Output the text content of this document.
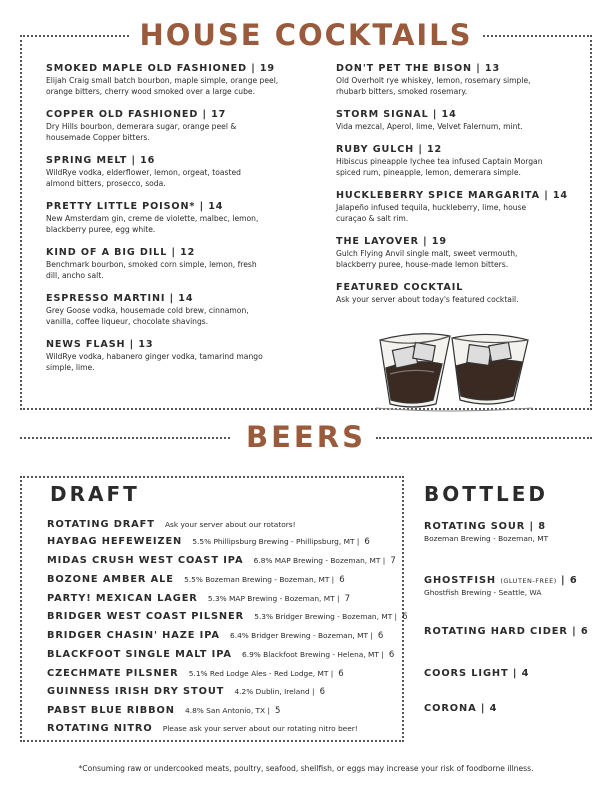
HOUSE COCKTAILS
SMOKED MAPLE OLD FASHIONED | 19
Elijah Craig small batch bourbon, maple simple, orange peel,
orange bitters, cherry wood smoked over a large cube.
COPPER OLD FASHIONED | 17
Dry Hills bourbon, demerara sugar, orange peel &
housemade Copper bitters.
SPRING MELT | 16
WildRye vodka, elderflower, lemon, orgeat, toasted
almond bitters, prosecco, soda.
PRETTY LITTLE POISON* | 14
New Amsterdam gin, creme de violette, malbec, lemon,
blackberry puree, egg white.
KIND OF A BIG DILL | 12
Benchmark bourbon, smoked corn simple, lemon, fresh
dill, ancho salt.
ESPRESSO MARTINI | 14
Grey Goose vodka, housemade cold brew, cinnamon,
vanilla, coffee liqueur, chocolate shavings.
NEWS FLASH | 13
WildRye vodka, habanero ginger vodka, tamarind mango
simple, lime.
DON'T PET THE BISON | 13
Old Overholt rye whiskey, lemon, rosemary simple,
rhubarb bitters, smoked rosemary.
STORM SIGNAL | 14
Vida mezcal, Aperol, lime, Velvet Falernum, mint.
RUBY GULCH | 12
Hibiscus pineapple lychee tea infused Captain Morgan
spiced rum, pineapple, lemon, demerara simple.
HUCKLEBERRY SPICE MARGARITA | 14
Jalapeño infused tequila, huckleberry, lime, house
curaçao & salt rim.
THE LAYOVER | 19
Gulch Flying Anvil single malt, sweet vermouth,
blackberry puree, house-made lemon bitters.
FEATURED COCKTAIL
Ask your server about today's featured cocktail.
BEERS
DRAFT
ROTATING DRAFT Ask your server about our rotators!
HAYBAG HEFEWEIZEN 5.5% Phillipsburg Brewing - Phillipsburg, MT | 6
MIDAS CRUSH WEST COAST IPA 6.8% MAP Brewing - Bozeman, MT | 7
BOZONE AMBER ALE 5.5% Bozeman Brewing - Bozeman, MT | 6
PARTY! MEXICAN LAGER 5.3% MAP Brewing - Bozeman, MT | 7
BRIDGER WEST COAST PILSNER 5.3% Bridger Brewing - Bozeman, MT | 6
BRIDGER CHASIN' HAZE IPA 6.4% Bridger Brewing - Bozeman, MT | 6
BLACKFOOT SINGLE MALT IPA 6.9% Blackfoot Brewing - Helena, MT | 6
CZECHMATE PILSNER 5.1% Red Lodge Ales - Red Lodge, MT | 6
GUINNESS IRISH DRY STOUT 4.2% Dublin, Ireland | 6
PABST BLUE RIBBON 4.8% San Antonio, TX | 5
ROTATING NITRO Please ask your server about our rotating nitro beer!
BOTTLED
ROTATING SOUR | 8
Bozeman Brewing - Bozeman, MT
GHOSTFISH (GLUTEN-FREE) | 6
Ghostfish Brewing - Seattle, WA
ROTATING HARD CIDER | 6
COORS LIGHT | 4
CORONA | 4
*Consuming raw or undercooked meats, poultry, seafood, shellfish, or eggs may increase your risk of foodborne illness.
